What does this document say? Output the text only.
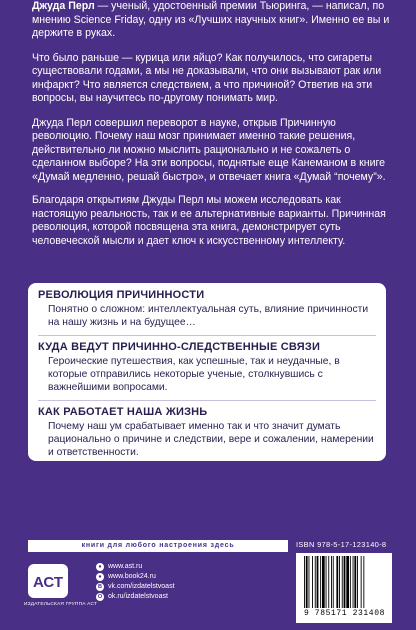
Джуда Перл — ученый, удостоенный премии Тьюринга, — написал, по мнению Science Friday, одну из «Лучших научных книг». Именно ее вы и держите в руках.

Что было раньше — курица или яйцо? Как получилось, что сигареты существовали годами, а мы не доказывали, что они вызывают рак или инфаркт? Что является следствием, а что причиной? Ответив на эти вопросы, вы научитесь по-другому понимать мир.

Джуда Перл совершил переворот в науке, открыв Причинную революцию. Почему наш мозг принимает именно такие решения, действительно ли можно мыслить рационально и не сожалеть о сделанном выборе? На эти вопросы, поднятые еще Канеманом в книге «Думай медленно, решай быстро», и отвечает книга «Думай “почему”».

Благодаря открытиям Джуды Перл мы можем исследовать как настоящую реальность, так и ее альтернативные варианты. Причинная революция, которой посвящена эта книга, демонстрирует суть человеческой мысли и дает ключ к искусственному интеллекту.

РЕВОЛЮЦИЯ ПРИЧИННОСТИ
Понятно о сложном: интеллектуальная суть, влияние причинности на нашу жизнь и на будущее…
КУДА ВЕДУТ ПРИЧИННО-СЛЕДСТВЕННЫЕ СВЯЗИ
Героические путешествия, как успешные, так и неудачные, в которые отправились некоторые ученые, столкнувшись с важнейшими вопросами.
КАК РАБОТАЕТ НАША ЖИЗНЬ
Почему наш ум срабатывает именно так и что значит думать рационально о причине и следствии, вере и сожалении, намерении и ответственности.
книги для любого настроения здесь	ISBN 978-5-17-123140-8
АСТ
ИЗДАТЕЛЬСКАЯ ГРУППА АСТ
● www.ast.ru
● www.book24.ru
В vk.com/izdatelstvoast
О ok.ru/izdatelstvoast
9 785171 231408
